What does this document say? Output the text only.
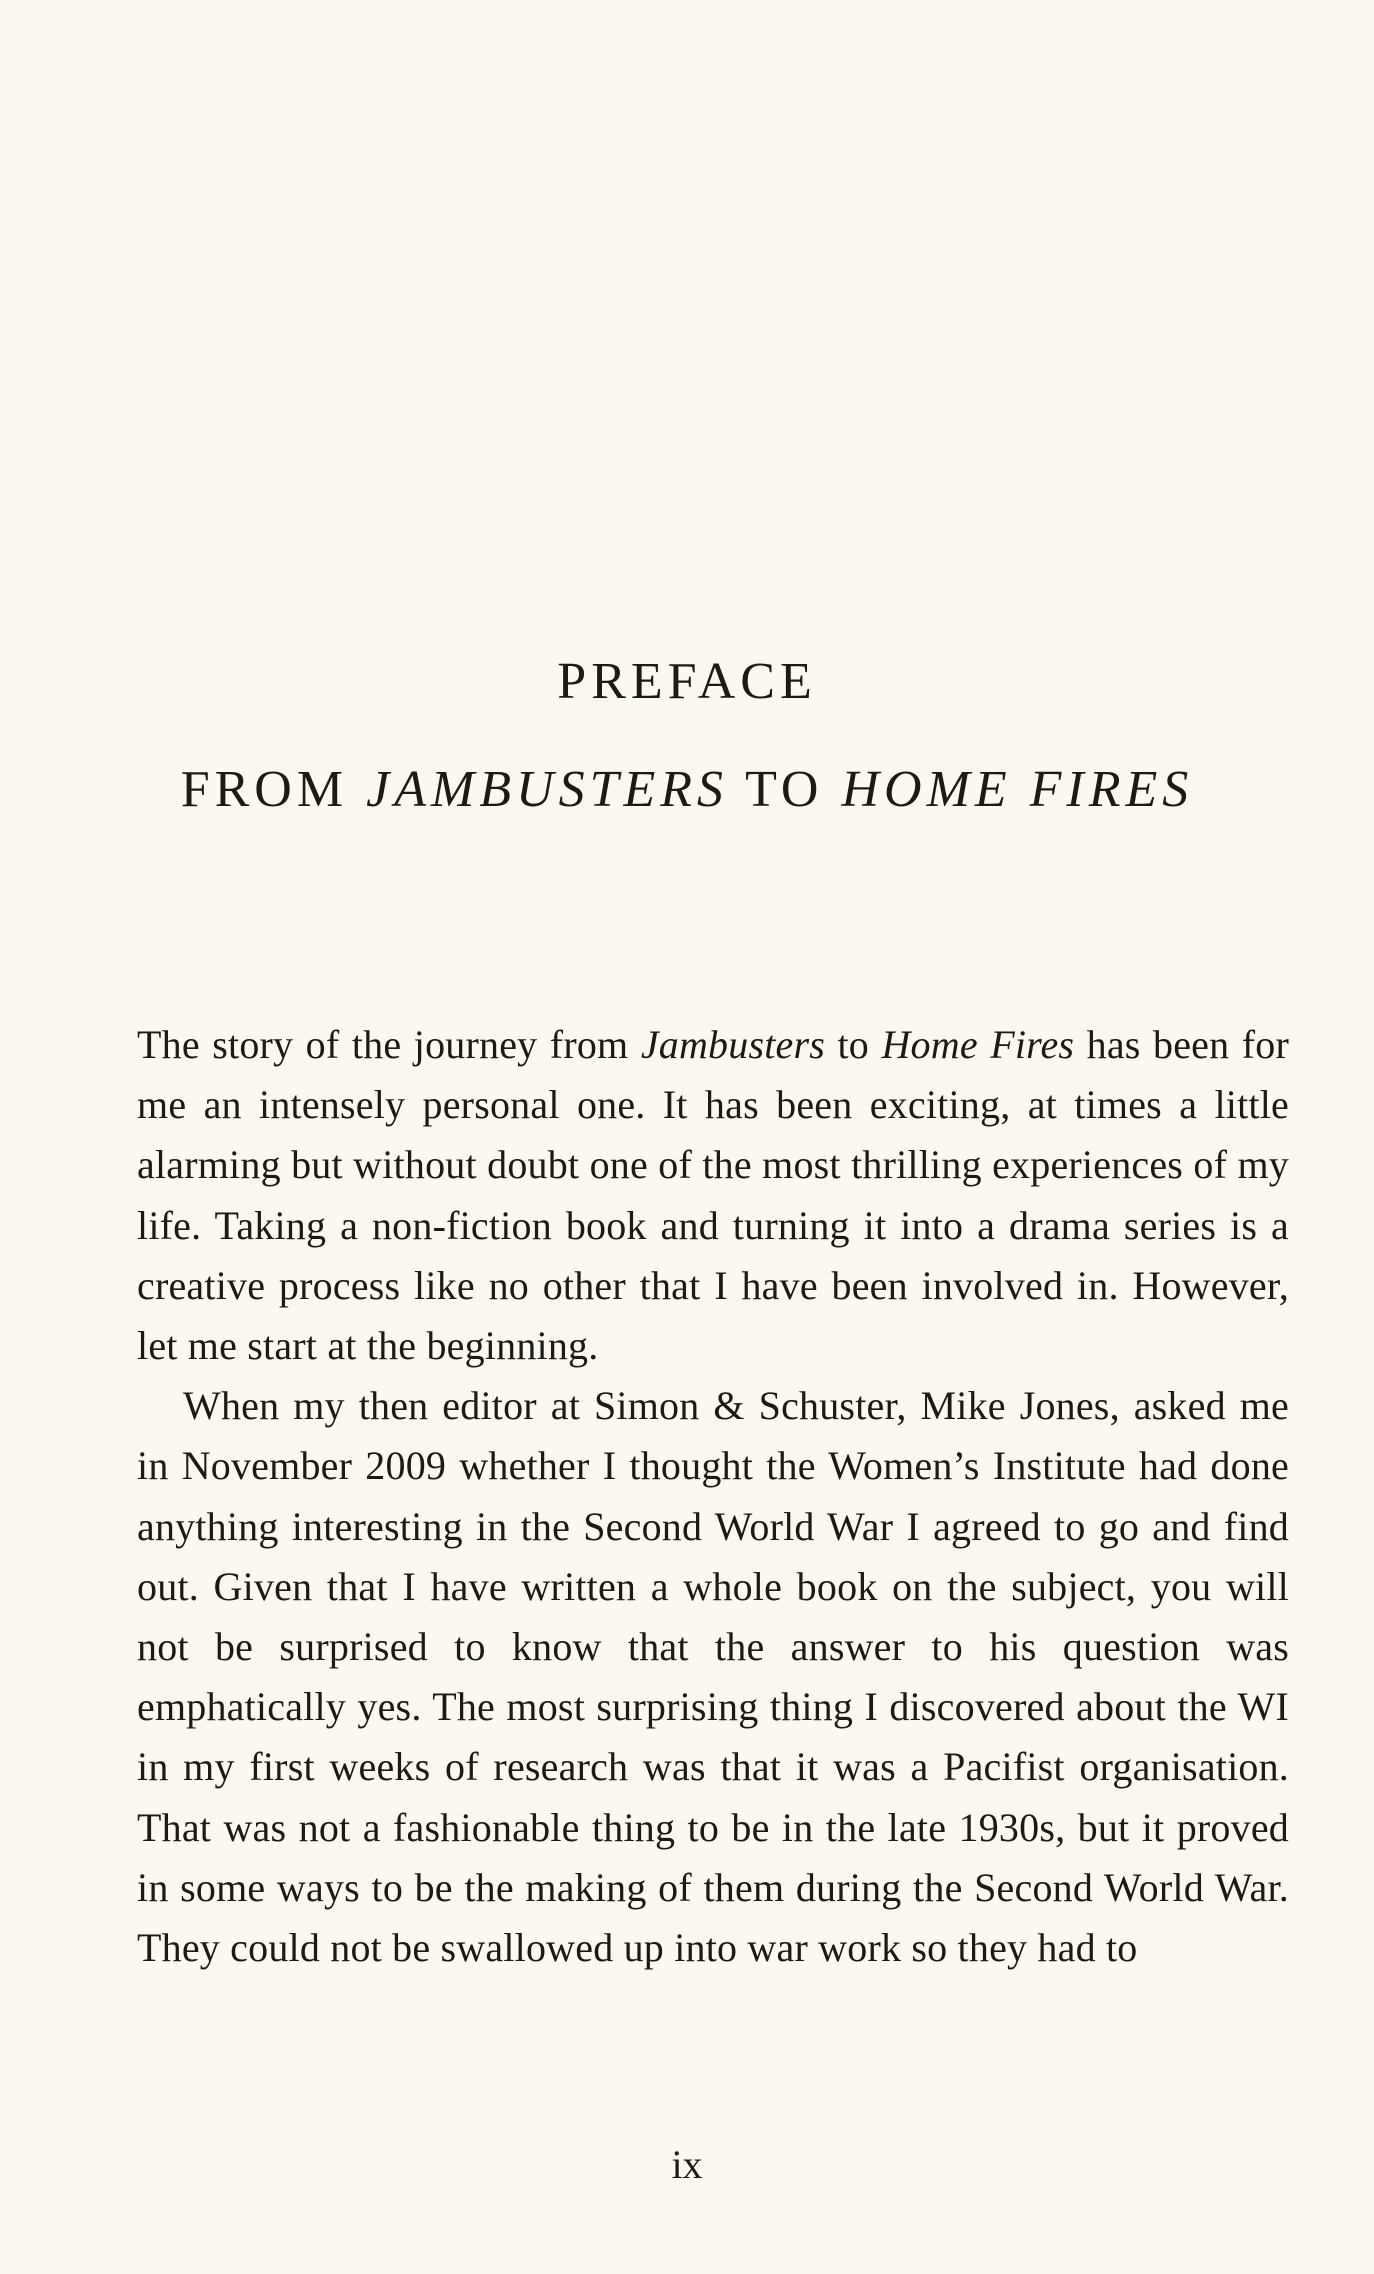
PREFACE
FROM JAMBUSTERS TO HOME FIRES

The story of the journey from Jambusters to Home Fires has been for me an intensely personal one. It has been exciting, at times a little alarming but without doubt one of the most thrilling experiences of my life. Taking a non-fiction book and turning it into a drama series is a creative process like no other that I have been involved in. However, let me start at the beginning.

When my then editor at Simon & Schuster, Mike Jones, asked me in November 2009 whether I thought the Women’s Institute had done anything interesting in the Second World War I agreed to go and find out. Given that I have written a whole book on the subject, you will not be surprised to know that the answer to his question was emphatically yes. The most surprising thing I discovered about the WI in my first weeks of research was that it was a Pacifist organisation. That was not a fashionable thing to be in the late 1930s, but it proved in some ways to be the making of them during the Second World War. They could not be swallowed up into war work so they had to

ix
